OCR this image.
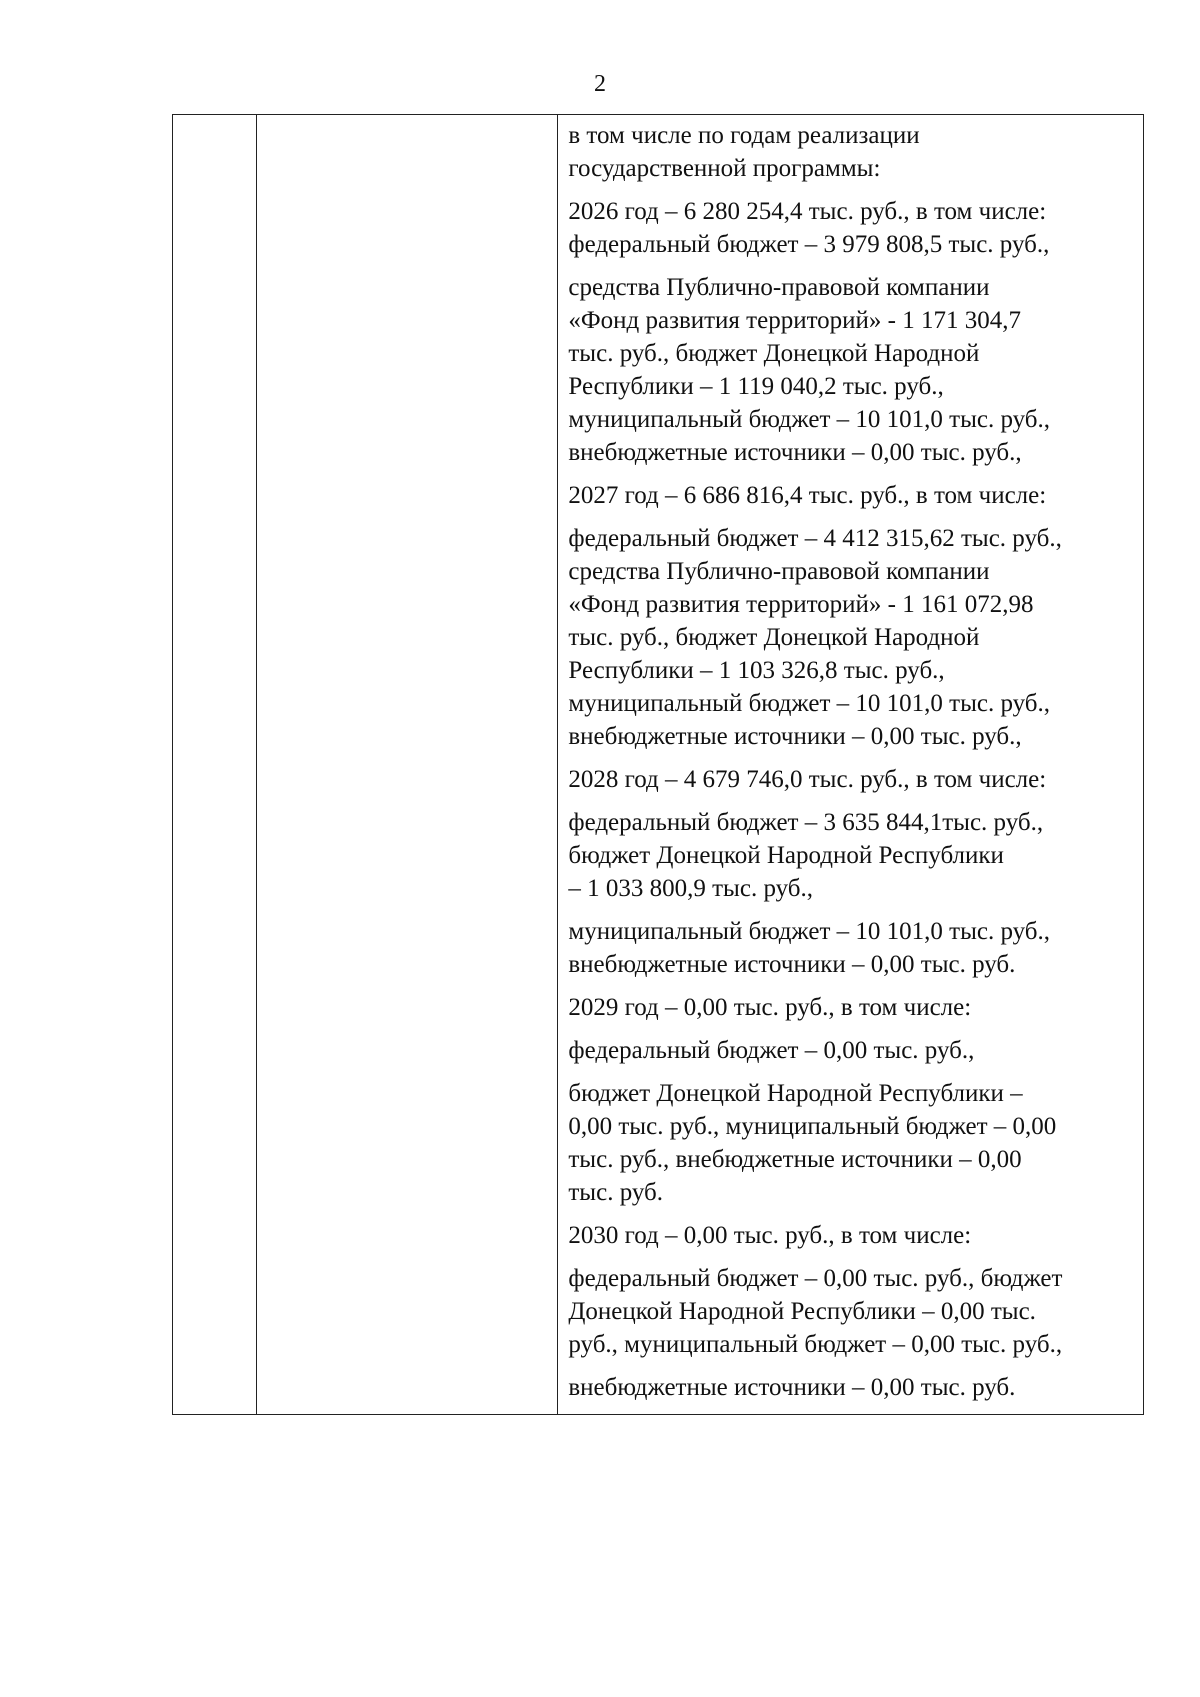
2

в том числе по годам реализации
государственной программы:

2026 год – 6 280 254,4 тыс. руб., в том числе:
федеральный бюджет – 3 979 808,5 тыс. руб.,

средства Публично-правовой компании
«Фонд развития территорий» - 1 171 304,7
тыс. руб., бюджет Донецкой Народной
Республики – 1 119 040,2 тыс. руб.,
муниципальный бюджет – 10 101,0 тыс. руб.,
внебюджетные источники – 0,00 тыс. руб.,

2027 год – 6 686 816,4 тыс. руб., в том числе:

федеральный бюджет – 4 412 315,62 тыс. руб.,
средства Публично-правовой компании
«Фонд развития территорий» - 1 161 072,98
тыс. руб., бюджет Донецкой Народной
Республики – 1 103 326,8 тыс. руб.,
муниципальный бюджет – 10 101,0 тыс. руб.,
внебюджетные источники – 0,00 тыс. руб.,

2028 год – 4 679 746,0 тыс. руб., в том числе:

федеральный бюджет – 3 635 844,1тыс. руб.,
бюджет Донецкой Народной Республики
– 1 033 800,9 тыс. руб.,

муниципальный бюджет – 10 101,0 тыс. руб.,
внебюджетные источники – 0,00 тыс. руб.

2029 год – 0,00 тыс. руб., в том числе:

федеральный бюджет – 0,00 тыс. руб.,

бюджет Донецкой Народной Республики –
0,00 тыс. руб., муниципальный бюджет – 0,00
тыс. руб., внебюджетные источники – 0,00
тыс. руб.

2030 год – 0,00 тыс. руб., в том числе:

федеральный бюджет – 0,00 тыс. руб., бюджет
Донецкой Народной Республики – 0,00 тыс.
руб., муниципальный бюджет – 0,00 тыс. руб.,

внебюджетные источники – 0,00 тыс. руб.
